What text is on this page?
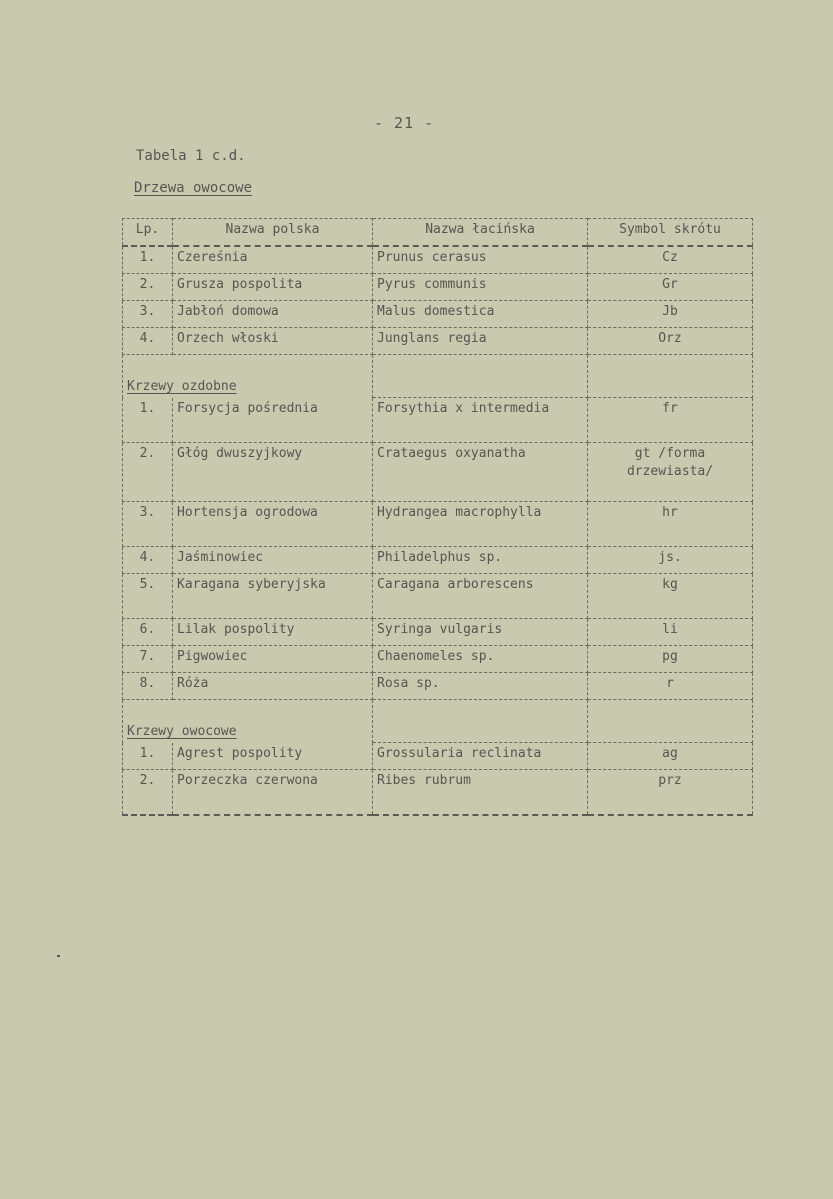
- 21 -
Tabela 1 c.d.
Drzewa owocowe
Lp.	Nazwa polska	Nazwa łacińska	Symbol skrótu
1.	Czereśnia	Prunus cerasus	Cz
2.	Grusza pospolita	Pyrus communis	Gr
3.	Jabłoń domowa	Malus domestica	Jb
4.	Orzech włoski	Junglans regia	Orz
Krzewy ozdobne			
1.	Forsycja pośrednia	Forsythia x intermedia	fr
2.	Głóg dwuszyjkowy	Crataegus oxyanatha	gt /forma drzewiasta/
3.	Hortensja ogrodowa	Hydrangea macrophylla	hr
4.	Jaśminowiec	Philadelphus sp.	js.
5.	Karagana syberyjska	Caragana arborescens	kg
6.	Lilak pospolity	Syringa vulgaris	li
7.	Pigwowiec	Chaenomeles sp.	pg
8.	Róża	Rosa sp.	r
Krzewy owocowe			
1.	Agrest pospolity	Grossularia reclinata	ag
2.	Porzeczka czerwona	Ribes rubrum	prz
